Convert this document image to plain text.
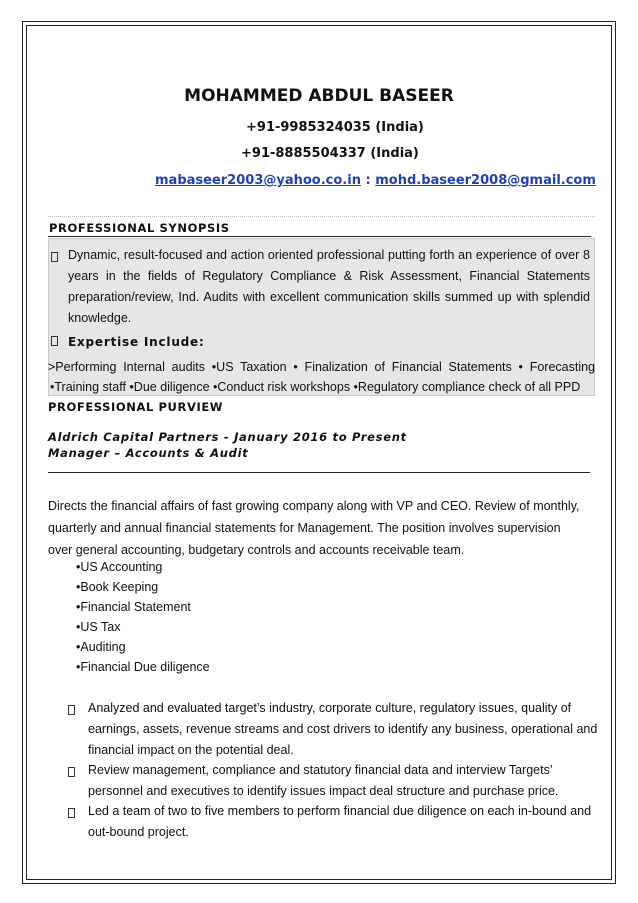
MOHAMMED ABDUL BASEER
+91-9985324035 (India)
+91-8885504337 (India)
mabaseer2003@yahoo.co.in : mohd.baseer2008@gmail.com
PROFESSIONAL SYNOPSIS
Dynamic, result-focused and action oriented professional putting forth an experience of over 8 years in the fields of Regulatory Compliance & Risk Assessment, Financial Statements preparation/review, Ind. Audits with excellent communication skills summed up with splendid knowledge.
Expertise Include:
>Performing Internal audits •US Taxation • Finalization of Financial Statements • Forecasting
•Training staff •Due diligence •Conduct risk workshops •Regulatory compliance check of all PPD
PROFESSIONAL PURVIEW
Aldrich Capital Partners - January 2016 to Present
Manager – Accounts & Audit
Directs the financial affairs of fast growing company along with VP and CEO. Review of monthly,
quarterly and annual financial statements for Management. The position involves supervision
over general accounting, budgetary controls and accounts receivable team.
•US Accounting
•Book Keeping
•Financial Statement
•US Tax
•Auditing
•Financial Due diligence
Analyzed and evaluated target’s industry, corporate culture, regulatory issues, quality of
earnings, assets, revenue streams and cost drivers to identify any business, operational and
financial impact on the potential deal.
Review management, compliance and statutory financial data and interview Targets’
personnel and executives to identify issues impact deal structure and purchase price.
Led a team of two to five members to perform financial due diligence on each in-bound and
out-bound project.
